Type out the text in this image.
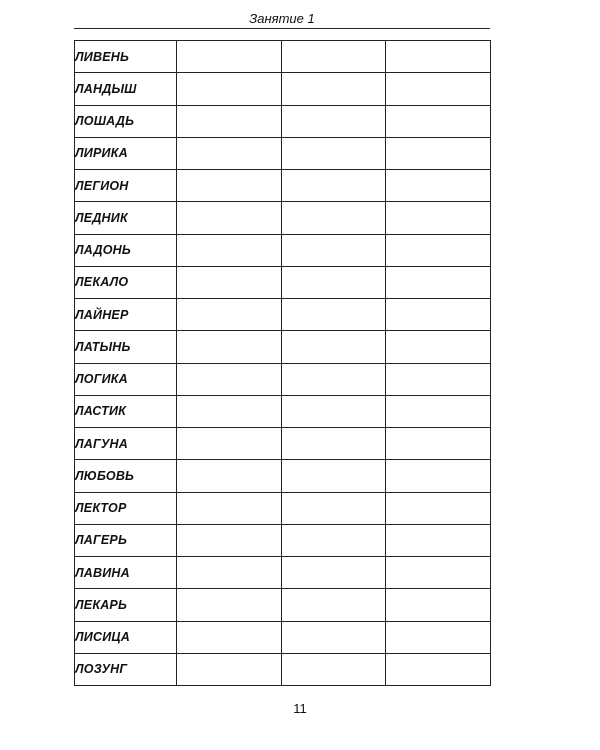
Занятие 1
ЛИВЕНЬ			
ЛАНДЫШ			
ЛОШАДЬ			
ЛИРИКА			
ЛЕГИОН			
ЛЕДНИК			
ЛАДОНЬ			
ЛЕКАЛО			
ЛАЙНЕР			
ЛАТЫНЬ			
ЛОГИКА			
ЛАСТИК			
ЛАГУНА			
ЛЮБОВЬ			
ЛЕКТОР			
ЛАГЕРЬ			
ЛАВИНА			
ЛЕКАРЬ			
ЛИСИЦА			
ЛОЗУНГ			
11
